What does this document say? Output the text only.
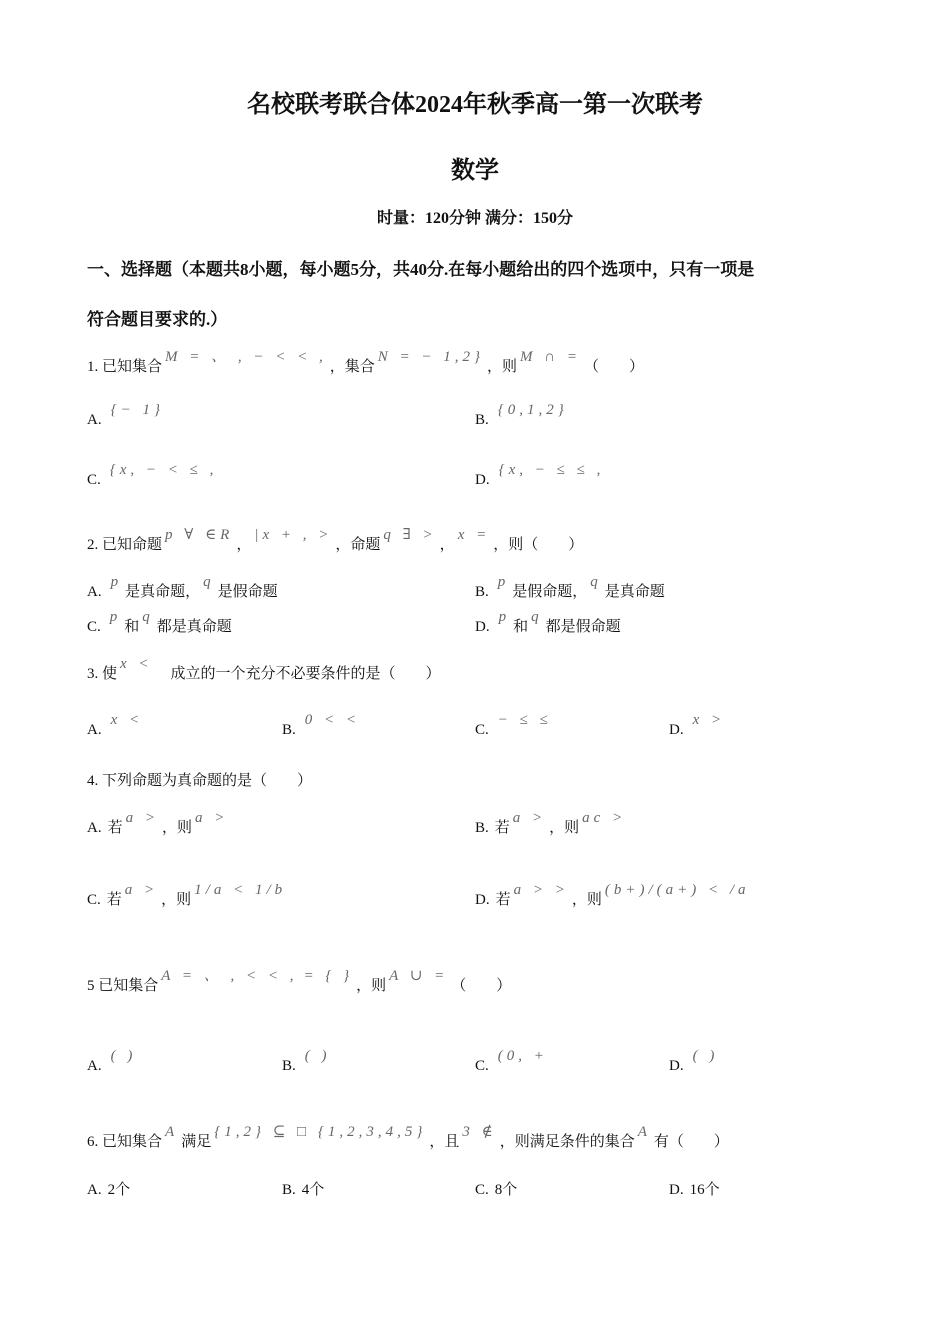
名校联考联合体2024年秋季高一第一次联考
数学
时量：120分钟 满分：150分
一、选择题（本题共8小题，每小题5分，共40分.在每小题给出的四个选项中，只有一项是
符合题目要求的.）
1. 已知集合M = 、 , − < < ,，集合N = − 1,2}，则M ∩ =（　　）
A.{− 1}
B.{0,1,2}
C.{x, − < ≤ ,
D.{x, − ≤ ≤ ,
2. 已知命题p ∀ ∈R，|x + , >，命题q ∃ >，x =，则（　　）
A.p是真命题，q是假命题	B.p是假命题，q是真命题
C.p和q都是真命题	D.p和q都是假命题
3. 使x <　成立的一个充分不必要条件的是（　　）
A.x <
B.0 < <
C.− ≤ ≤
D.x >
4. 下列命题为真命题的是（　　）
A. 若a >，则a >
B. 若a >，则ac >
C. 若a >，则1/a < 1/b
D. 若a > >，则(b+)/(a+) < /a
5 已知集合A = 、 , < < , = { }，则A ∪ =（　　）
A.( )
B.( )
C.(0, +
D.( )
6. 已知集合A满足{1,2} ⊆ □ {1,2,3,4,5}，且3 ∉，则满足条件的集合A有（　　）
A. 2个	B. 4个	C. 8个	D. 16个
